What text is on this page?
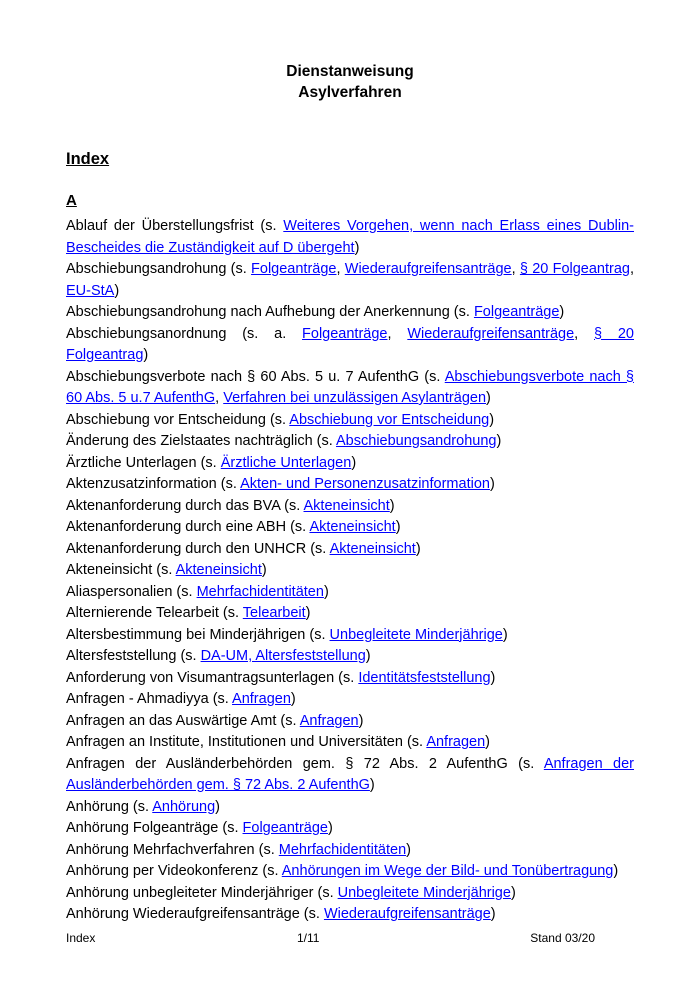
Dienstanweisung
Asylverfahren
Index
A

Ablauf der Überstellungsfrist (s. Weiteres Vorgehen, wenn nach Erlass eines Dublin-Bescheides die Zuständigkeit auf D übergeht)

Abschiebungsandrohung (s. Folgeanträge, Wiederaufgreifensanträge, § 20 Folgeantrag, EU-StA)

Abschiebungsandrohung nach Aufhebung der Anerkennung (s. Folgeanträge)

Abschiebungsanordnung (s. a. Folgeanträge, Wiederaufgreifensanträge, § 20 Folgeantrag)

Abschiebungsverbote nach § 60 Abs. 5 u. 7 AufenthG (s. Abschiebungsverbote nach § 60 Abs. 5 u.7 AufenthG, Verfahren bei unzulässigen Asylanträgen)

Abschiebung vor Entscheidung (s. Abschiebung vor Entscheidung)

Änderung des Zielstaates nachträglich (s. Abschiebungsandrohung)

Ärztliche Unterlagen (s. Ärztliche Unterlagen)

Aktenzusatzinformation (s. Akten- und Personenzusatzinformation)

Aktenanforderung durch das BVA (s. Akteneinsicht)

Aktenanforderung durch eine ABH (s. Akteneinsicht)

Aktenanforderung durch den UNHCR (s. Akteneinsicht)

Akteneinsicht (s. Akteneinsicht)

Aliaspersonalien (s. Mehrfachidentitäten)

Alternierende Telearbeit (s. Telearbeit)

Altersbestimmung bei Minderjährigen (s. Unbegleitete Minderjährige)

Altersfeststellung (s. DA-UM, Altersfeststellung)

Anforderung von Visumantragsunterlagen (s. Identitätsfeststellung)

Anfragen - Ahmadiyya (s. Anfragen)

Anfragen an das Auswärtige Amt (s. Anfragen)

Anfragen an Institute, Institutionen und Universitäten (s. Anfragen)

Anfragen der Ausländerbehörden gem. § 72 Abs. 2 AufenthG (s. Anfragen der Ausländerbehörden gem. § 72 Abs. 2 AufenthG)

Anhörung (s. Anhörung)

Anhörung Folgeanträge (s. Folgeanträge)

Anhörung Mehrfachverfahren (s. Mehrfachidentitäten)

Anhörung per Videokonferenz (s. Anhörungen im Wege der Bild- und Tonübertragung)

Anhörung unbegleiteter Minderjähriger (s. Unbegleitete Minderjährige)

Anhörung Wiederaufgreifensanträge (s. Wiederaufgreifensanträge)

Index	1/11	Stand 03/20
